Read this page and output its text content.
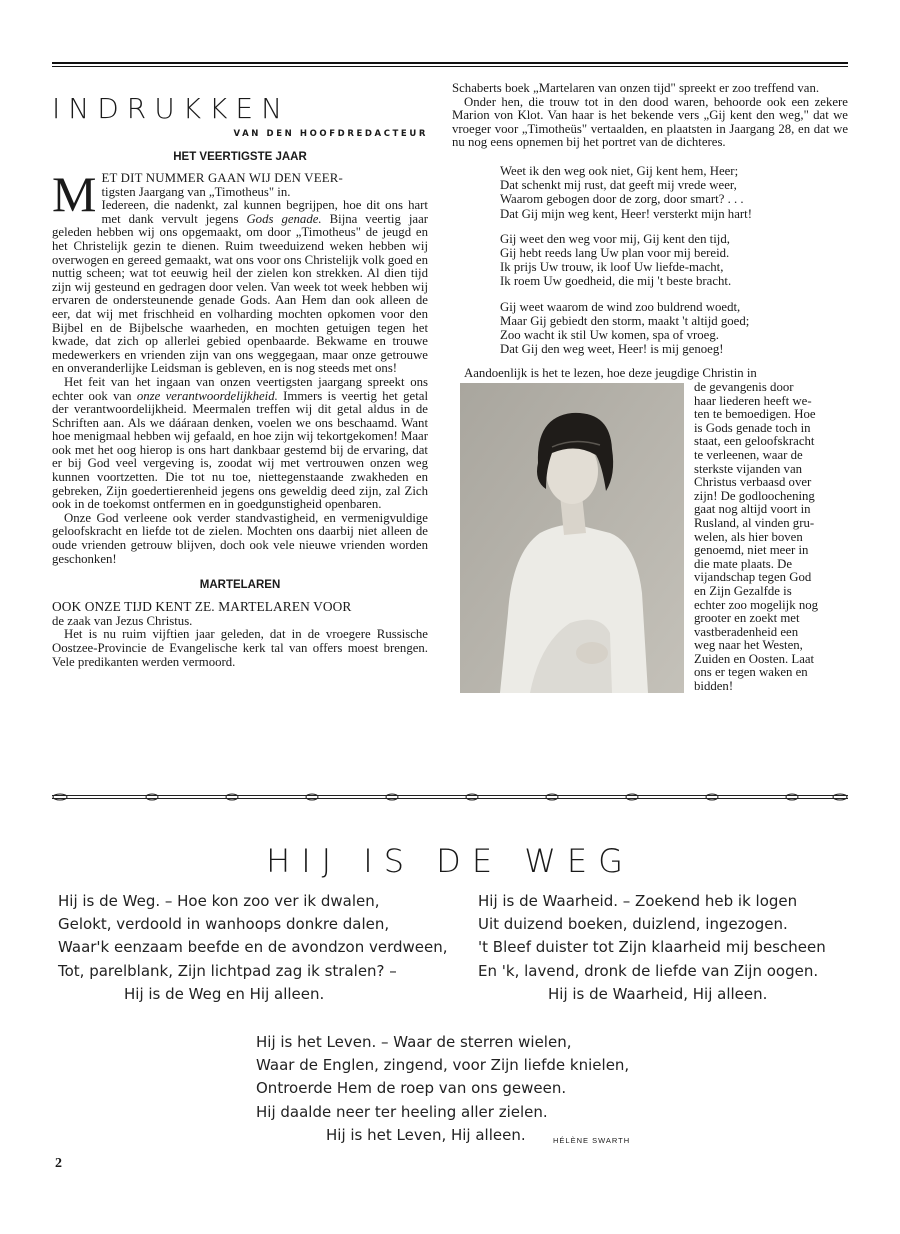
INDRUKKEN
VAN DEN HOOFDREDACTEUR
HET VEERTIGSTE JAAR

MET DIT NUMMER GAAN WIJ DEN VEER-
tigsten Jaargang van „Timotheus" in.
Iedereen, die nadenkt, zal kunnen begrijpen, hoe dit ons hart met dank vervult jegens Gods genade. Bijna veertig jaar geleden hebben wij ons opgemaakt, om door „Timotheus" de jeugd en het Christelijk gezin te dienen. Ruim tweeduizend weken hebben wij overwogen en gereed gemaakt, wat ons voor ons Christelijk volk goed en nuttig scheen; wat tot eeuwig heil der zielen kon strekken. Al dien tijd zijn wij gesteund en gedragen door velen. Van week tot week hebben wij ervaren de ondersteunende genade Gods. Aan Hem dan ook alleen de eer, dat wij met frischheid en volharding mochten opkomen voor den Bijbel en de Bijbelsche waarheden, en mochten getuigen tegen het kwade, dat zich op allerlei gebied openbaarde. Bekwame en trouwe medewerkers en vrienden zijn van ons weggegaan, maar onze getrouwe en onveranderlijke Leidsman is gebleven, en is nog steeds met ons!

Het feit van het ingaan van onzen veertigsten jaargang spreekt ons echter ook van onze verantwoordelijkheid. Immers is veertig het getal der verantwoordelijkheid. Meermalen treffen wij dit getal aldus in de Schriften aan. Als we dááraan denken, voelen we ons beschaamd. Want hoe menigmaal hebben wij gefaald, en hoe zijn wij tekortgekomen! Maar ook met het oog hierop is ons hart dankbaar gestemd bij de ervaring, dat er bij God veel vergeving is, zoodat wij met vertrouwen onzen weg kunnen voortzetten. Die tot nu toe, niettegenstaande zwakheden en gebreken, Zijn goedertierenheid jegens ons geweldig deed zijn, zal Zich ook in de toekomst ontfermen en in goedgunstigheid openbaren.

Onze God verleene ook verder standvastigheid, en vermenigvuldige geloofskracht en liefde tot de zielen. Mochten ons daarbij niet alleen de oude vrienden getrouw blijven, doch ook vele nieuwe vrienden worden geschonken!

MARTELAREN

OOK ONZE TIJD KENT ZE. MARTELAREN VOOR
de zaak van Jezus Christus.

Het is nu ruim vijftien jaar geleden, dat in de vroegere Russische Oostzee-Provincie de Evangelische kerk tal van offers moest brengen. Vele predikanten werden vermoord.

Schaberts boek „Martelaren van onzen tijd" spreekt er zoo treffend van.

Onder hen, die trouw tot in den dood waren, behoorde ook een zekere Marion von Klot. Van haar is het bekende vers „Gij kent den weg," dat we vroeger voor „Timotheüs" vertaalden, en plaatsten in Jaargang 28, en dat we nu nog eens opnemen bij het portret van de dichteres.

Weet ik den weg ook niet, Gij kent hem, Heer;
Dat schenkt mij rust, dat geeft mij vrede weer,
Waarom gebogen door de zorg, door smart? . . .
Dat Gij mijn weg kent, Heer! versterkt mijn hart!
Gij weet den weg voor mij, Gij kent den tijd,
Gij hebt reeds lang Uw plan voor mij bereid.
Ik prijs Uw trouw, ik loof Uw liefde-macht,
Ik roem Uw goedheid, die mij 't beste bracht.
Gij weet waarom de wind zoo buldrend woedt,
Maar Gij gebiedt den storm, maakt 't altijd goed;
Zoo wacht ik stil Uw komen, spa of vroeg.
Dat Gij den weg weet, Heer! is mij genoeg!

Aandoenlijk is het te lezen, hoe deze jeugdige Christin in

de gevangenis door
haar liederen heeft we-
ten te bemoedigen. Hoe
is Gods genade toch in
staat, een geloofskracht
te verleenen, waar de
sterkste vijanden van
Christus verbaasd over
zijn! De godloochening
gaat nog altijd voort in
Rusland, al vinden gru-
welen, als hier boven
genoemd, niet meer in
die mate plaats. De
vijandschap tegen God
en Zijn Gezalfde is
echter zoo mogelijk nog
grooter en zoekt met
vastberadenheid een
weg naar het Westen,
Zuiden en Oosten. Laat
ons er tegen waken en
bidden!
HIJ IS DE WEG
Hij is de Weg. – Hoe kon zoo ver ik dwalen,
Gelokt, verdoold in wanhoops donkre dalen,
Waar'k eenzaam beefde en de avondzon verdween,
Tot, parelblank, Zijn lichtpad zag ik stralen? –
Hij is de Weg en Hij alleen.
Hij is de Waarheid. – Zoekend heb ik logen
Uit duizend boeken, duizlend, ingezogen.
't Bleef duister tot Zijn klaarheid mij bescheen
En 'k, lavend, dronk de liefde van Zijn oogen.
Hij is de Waarheid, Hij alleen.
Hij is het Leven. – Waar de sterren wielen,
Waar de Englen, zingend, voor Zijn liefde knielen,
Ontroerde Hem de roep van ons geween.
Hij daalde neer ter heeling aller zielen.
Hij is het Leven, Hij alleen.	HÉLÈNE SWARTH
2
